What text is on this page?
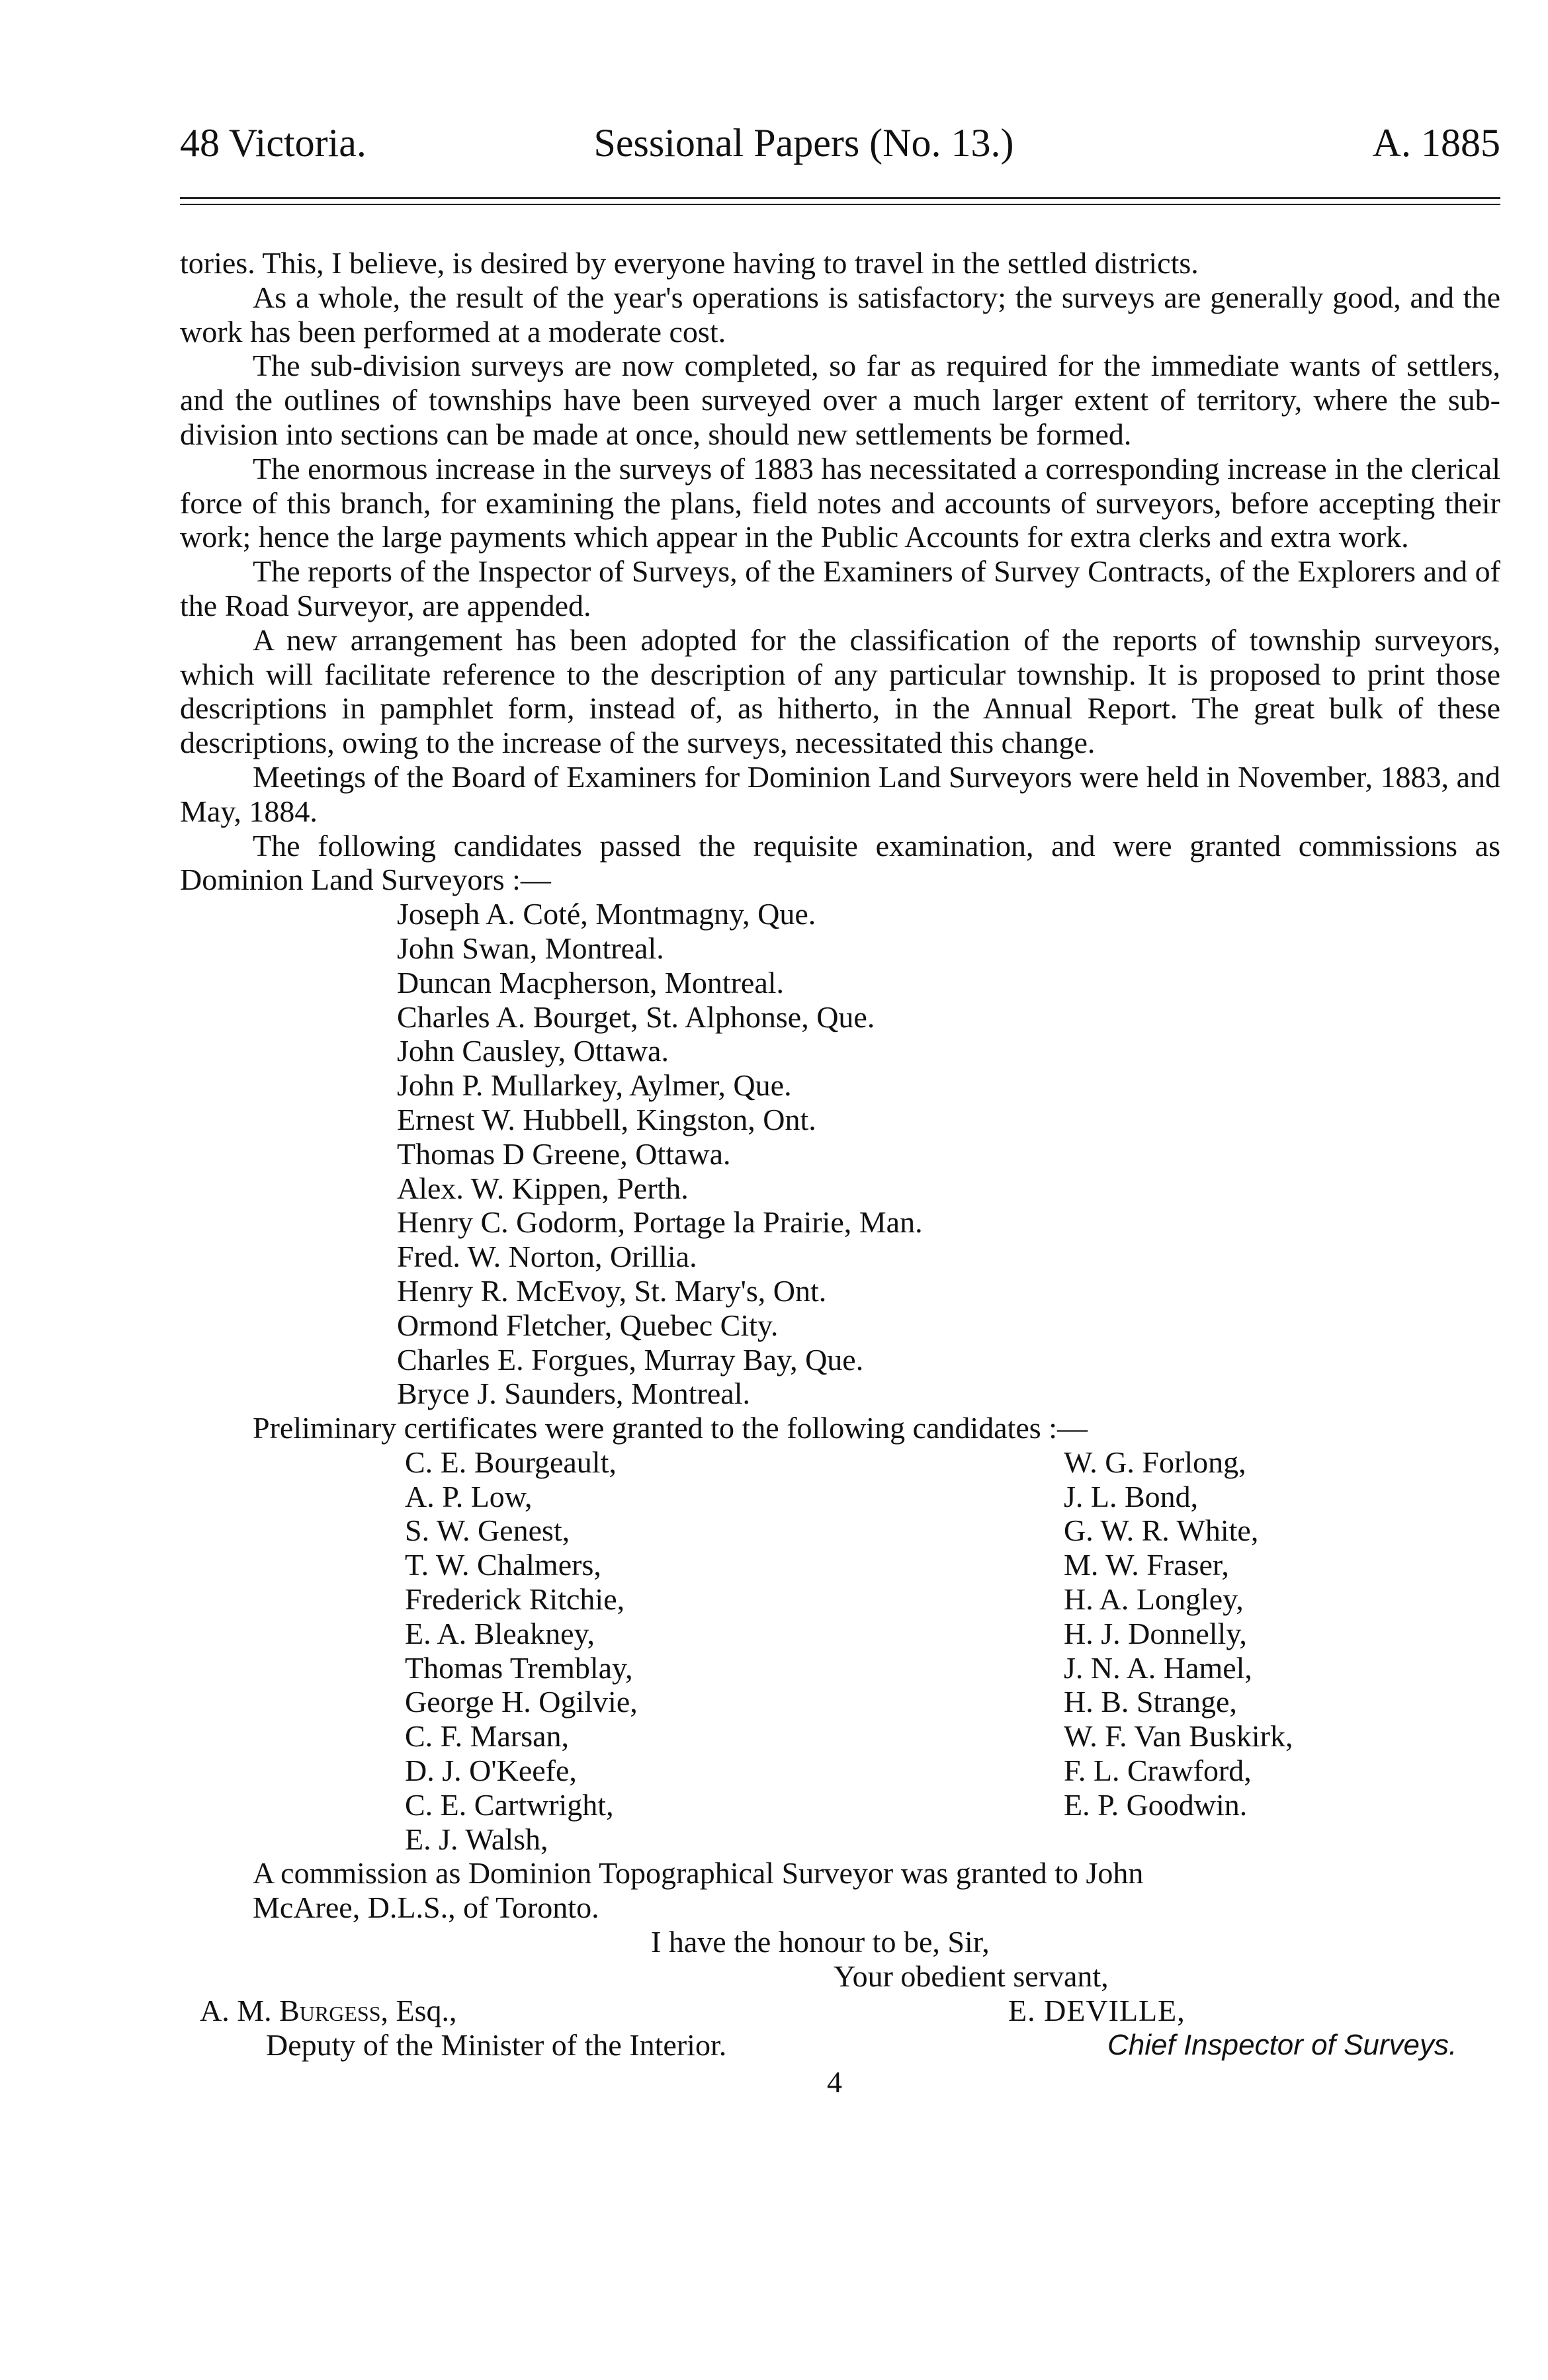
48 Victoria.	Sessional Papers (No. 13.)	A. 1885

tories. This, I believe, is desired by everyone having to travel in the settled districts.

As a whole, the result of the year's operations is satisfactory; the surveys are generally good, and the work has been performed at a moderate cost.

The sub-division surveys are now completed, so far as required for the immediate wants of settlers, and the outlines of townships have been surveyed over a much larger extent of territory, where the sub-division into sections can be made at once, should new settlements be formed.

The enormous increase in the surveys of 1883 has necessitated a corresponding increase in the clerical force of this branch, for examining the plans, field notes and accounts of surveyors, before accepting their work; hence the large payments which appear in the Public Accounts for extra clerks and extra work.

The reports of the Inspector of Surveys, of the Examiners of Survey Contracts, of the Explorers and of the Road Surveyor, are appended.

A new arrangement has been adopted for the classification of the reports of township surveyors, which will facilitate reference to the description of any particular township. It is proposed to print those descriptions in pamphlet form, instead of, as hitherto, in the Annual Report. The great bulk of these descriptions, owing to the increase of the surveys, necessitated this change.

Meetings of the Board of Examiners for Dominion Land Surveyors were held in November, 1883, and May, 1884.

The following candidates passed the requisite examination, and were granted commissions as Dominion Land Surveyors :—

Joseph A. Coté, Montmagny, Que.
John Swan, Montreal.
Duncan Macpherson, Montreal.
Charles A. Bourget, St. Alphonse, Que.
John Causley, Ottawa.
John P. Mullarkey, Aylmer, Que.
Ernest W. Hubbell, Kingston, Ont.
Thomas D Greene, Ottawa.
Alex. W. Kippen, Perth.
Henry C. Godorm, Portage la Prairie, Man.
Fred. W. Norton, Orillia.
Henry R. McEvoy, St. Mary's, Ont.
Ormond Fletcher, Quebec City.
Charles E. Forgues, Murray Bay, Que.
Bryce J. Saunders, Montreal.

Preliminary certificates were granted to the following candidates :—

C. E. Bourgeault,	W. G. Forlong,
A. P. Low,	J. L. Bond,
S. W. Genest,	G. W. R. White,
T. W. Chalmers,	M. W. Fraser,
Frederick Ritchie,	H. A. Longley,
E. A. Bleakney,	H. J. Donnelly,
Thomas Tremblay,	J. N. A. Hamel,
George H. Ogilvie,	H. B. Strange,
C. F. Marsan,	W. F. Van Buskirk,
D. J. O'Keefe,	F. L. Crawford,
C. E. Cartwright,	E. P. Goodwin.
E. J. Walsh,

A commission as Dominion Topographical Surveyor was granted to John

McAree, D.L.S., of Toronto.

I have the honour to be, Sir,
Your obedient servant,
A. M. Burgess, Esq.,
Deputy of the Minister of the Interior.
E. DEVILLE,
Chief Inspector of Surveys.
4
